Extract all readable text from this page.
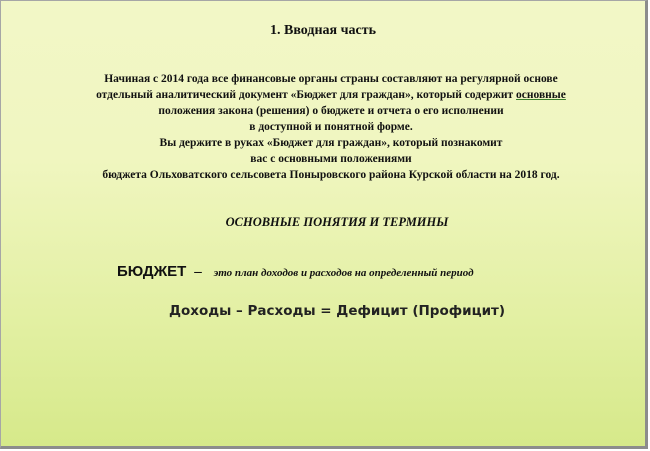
1. Вводная часть
Начиная с 2014 года все финансовые органы страны составляют на регулярной основе
отдельный аналитический документ «Бюджет для граждан», который содержит основные
положения закона (решения) о бюджете и отчета о его исполнении
в доступной и понятной форме.
Вы держите в руках «Бюджет для граждан», который познакомит
вас с основными положениями
бюджета Ольховатского сельсовета Поныровского района Курской области на 2018 год.
ОСНОВНЫЕ ПОНЯТИЯ И ТЕРМИНЫ
БЮДЖЕТ – это план доходов и расходов на определенный период
Доходы – Расходы = Дефицит (Профицит)
